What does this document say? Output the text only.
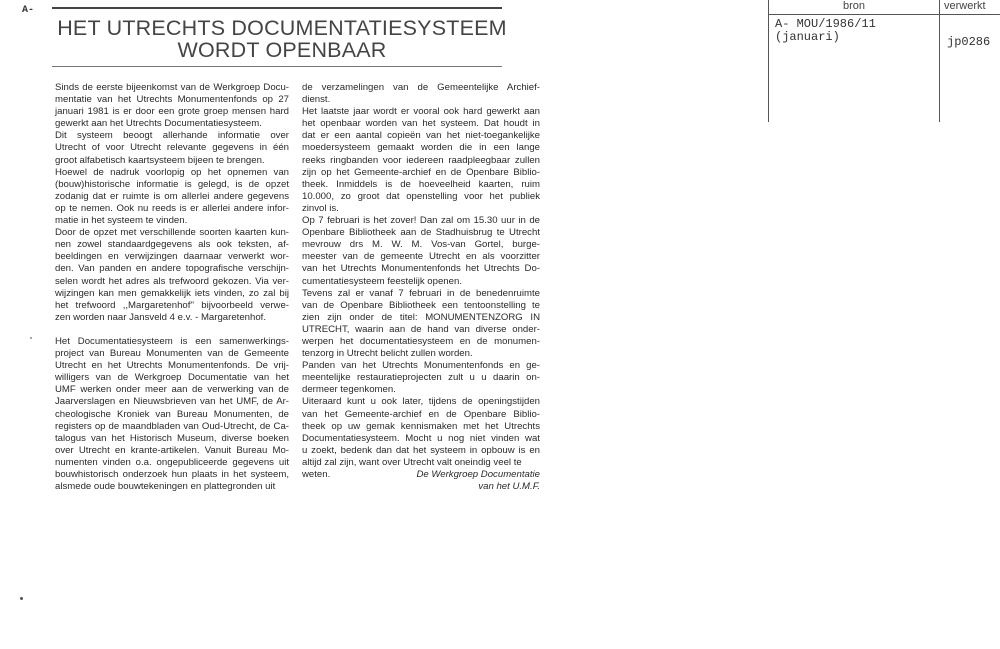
A-
HET UTRECHTS DOCUMENTATIESYSTEEM
WORDT OPENBAAR
Sinds de eerste bijeenkomst van de Werkgroep Docu-
mentatie van het Utrechts Monumentenfonds op 27
januari 1981 is er door een grote groep mensen hard
gewerkt aan het Utrechts Documentatiesysteem.
Dit systeem beoogt allerhande informatie over
Utrecht of voor Utrecht relevante gegevens in één
groot alfabetisch kaartsysteem bijeen te brengen.
Hoewel de nadruk voorlopig op het opnemen van
(bouw)historische informatie is gelegd, is de opzet
zodanig dat er ruimte is om allerlei andere gegevens
op te nemen. Ook nu reeds is er allerlei andere infor-
matie in het systeem te vinden.
Door de opzet met verschillende soorten kaarten kun-
nen zowel standaardgegevens als ook teksten, af-
beeldingen en verwijzingen daarnaar verwerkt wor-
den. Van panden en andere topografische verschijn-
selen wordt het adres als trefwoord gekozen. Via ver-
wijzingen kan men gemakkelijk iets vinden, zo zal bij
het trefwoord ,,Margaretenhof'' bijvoorbeeld verwe-
zen worden naar Jansveld 4 e.v. - Margaretenhof.
Het Documentatiesysteem is een samenwerkings-
project van Bureau Monumenten van de Gemeente
Utrecht en het Utrechts Monumentenfonds. De vrij-
willigers van de Werkgroep Documentatie van het
UMF werken onder meer aan de verwerking van de
Jaarverslagen en Nieuwsbrieven van het UMF, de Ar-
cheologische Kroniek van Bureau Monumenten, de
registers op de maandbladen van Oud-Utrecht, de Ca-
talogus van het Historisch Museum, diverse boeken
over Utrecht en krante-artikelen. Vanuit Bureau Mo-
numenten vinden o.a. ongepubliceerde gegevens uit
bouwhistorisch onderzoek hun plaats in het systeem,
alsmede oude bouwtekeningen en plattegronden uit
de verzamelingen van de Gemeentelijke Archief-
dienst.
Het laatste jaar wordt er vooral ook hard gewerkt aan
het openbaar worden van het systeem. Dat houdt in
dat er een aantal copieën van het niet-toegankelijke
moedersysteem gemaakt worden die in een lange
reeks ringbanden voor iedereen raadpleegbaar zullen
zijn op het Gemeente-archief en de Openbare Biblio-
theek. Inmiddels is de hoeveelheid kaarten, ruim
10.000, zo groot dat openstelling voor het publiek
zinvol is.
Op 7 februari is het zover! Dan zal om 15.30 uur in de
Openbare Bibliotheek aan de Stadhuisbrug te Utrecht
mevrouw drs M. W. M. Vos-van Gortel, burge-
meester van de gemeente Utrecht en als voorzitter
van het Utrechts Monumentenfonds het Utrechts Do-
cumentatiesysteem feestelijk openen.
Tevens zal er vanaf 7 februari in de benedenruimte
van de Openbare Bibliotheek een tentoonstelling te
zien zijn onder de titel: MONUMENTENZORG IN
UTRECHT, waarin aan de hand van diverse onder-
werpen het documentatiesysteem en de monumen-
tenzorg in Utrecht belicht zullen worden.
Panden van het Utrechts Monumentenfonds en ge-
meentelijke restauratieprojecten zult u u daarin on-
dermeer tegenkomen.
Uiteraard kunt u ook later, tijdens de openingstijden
van het Gemeente-archief en de Openbare Biblio-
theek op uw gemak kennismaken met het Utrechts
Documentatiesysteem. Mocht u nog niet vinden wat
u zoekt, bedenk dan dat het systeem in opbouw is en
altijd zal zijn, want over Utrecht valt oneindig veel te
weten.	De Werkgroep Documentatie
van het U.M.F.
bron	verwerkt
A- MOU/1986/11
(januari)	jp0286
